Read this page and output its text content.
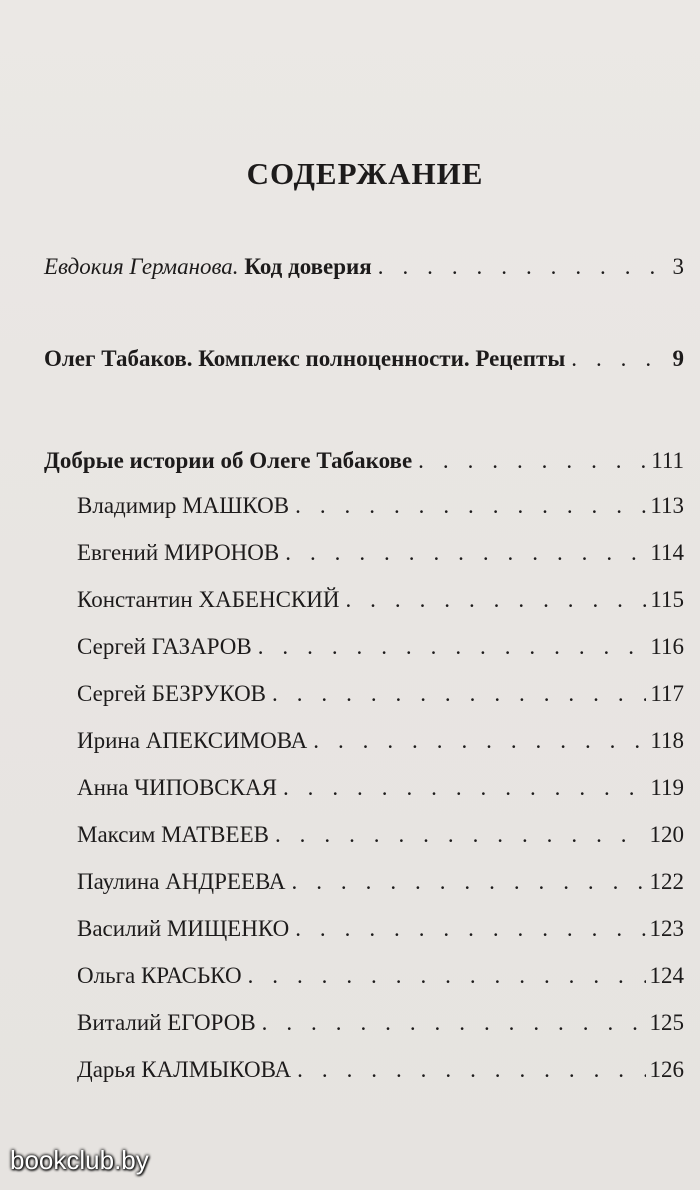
СОДЕРЖАНИЕ
Евдокия Германова. Код доверия . . .	3
Олег Табаков. Комплекс полноценности. Рецепты . . .	9
Добрые истории об Олеге Табакове . . .	111
Владимир МАШКОВ . . .	113
Евгений МИРОНОВ . . .	114
Константин ХАБЕНСКИЙ . . .	115
Сергей ГАЗАРОВ . . .	116
Сергей БЕЗРУКОВ . . .	117
Ирина АПЕКСИМОВА . . .	118
Анна ЧИПОВСКАЯ . . .	119
Максим МАТВЕЕВ . . .	120
Паулина АНДРЕЕВА . . .	122
Василий МИЩЕНКО . . .	123
Ольга КРАСЬКО . . .	124
Виталий ЕГОРОВ . . .	125
Дарья КАЛМЫКОВА . . .	126
bookclub.by
